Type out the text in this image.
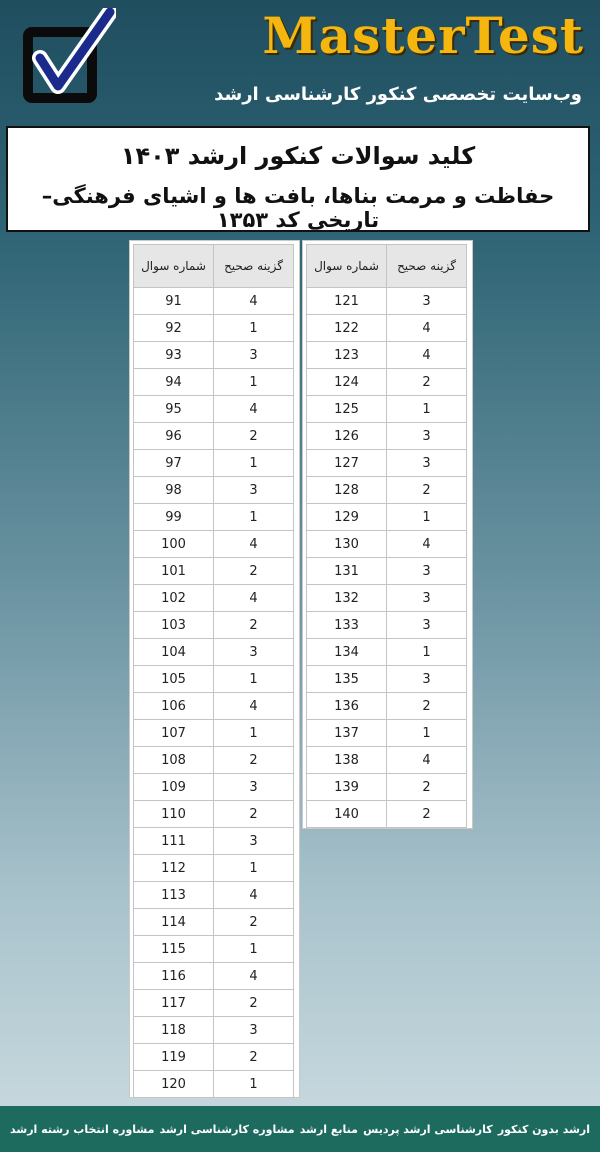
MasterTest
وب‌سایت تخصصی کنکور کارشناسی ارشد
کلید سوالات کنکور ارشد ۱۴۰۳
حفاظت و مرمت بناها، بافت ها و اشیای فرهنگی–تاریخی کد ۱۳۵۳
شماره سوال	گزینه صحیح
91	4
92	1
93	3
94	1
95	4
96	2
97	1
98	3
99	1
100	4
101	2
102	4
103	2
104	3
105	1
106	4
107	1
108	2
109	3
110	2
111	3
112	1
113	4
114	2
115	1
116	4
117	2
118	3
119	2
120	1
شماره سوال	گزینه صحیح
121	3
122	4
123	4
124	2
125	1
126	3
127	3
128	2
129	1
130	4
131	3
132	3
133	3
134	1
135	3
136	2
137	1
138	4
139	2
140	2
ارشد بدون کنکور
کارشناسی ارشد پردیس
منابع ارشد
مشاوره کارشناسی ارشد
مشاوره انتخاب رشته ارشد
